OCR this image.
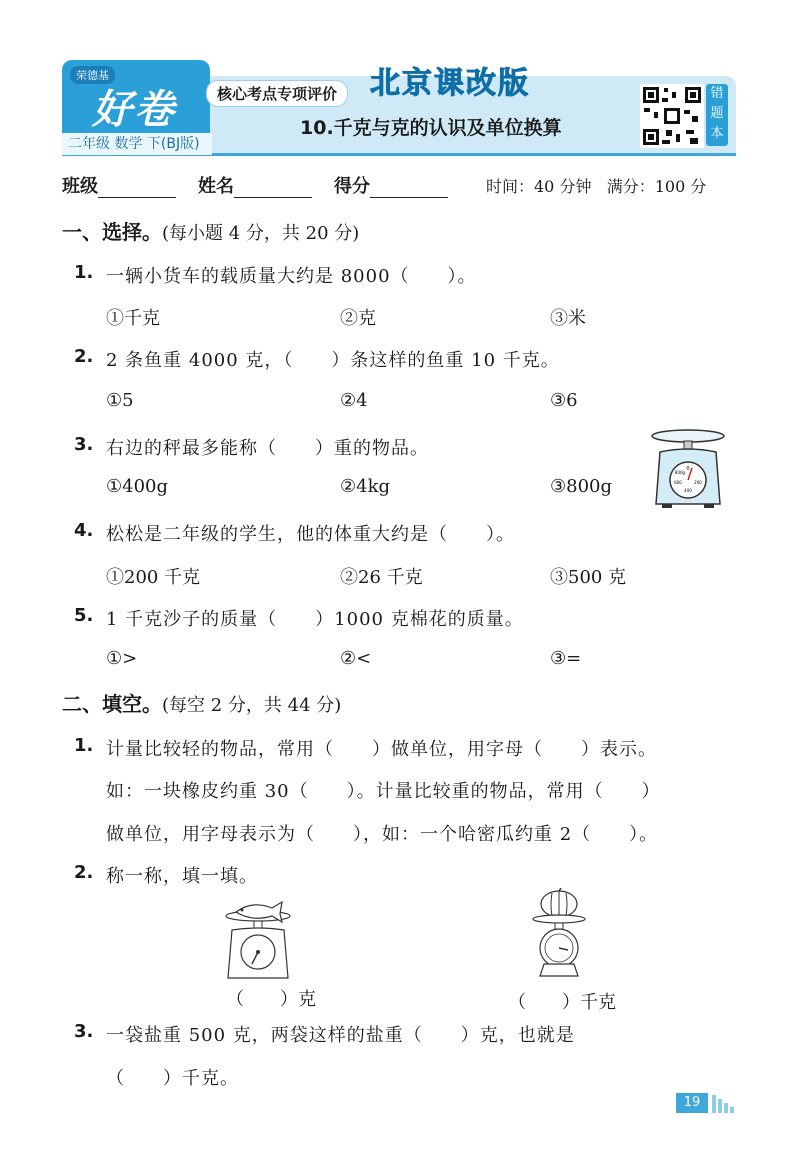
荣德基
好卷
二年级 数学 下(BJ版)
核心考点专项评价	北京课改版
10.千克与克的认识及单位换算
错
题
本
班级	姓名	得分	时间：40 分钟 满分：100 分
一、选择。(每小题 4 分，共 20 分)
1. 一辆小货车的载质量大约是 8000（　　）。
①千克	②克	③米
2. 2 条鱼重 4000 克，（　　）条这样的鱼重 10 千克。
①5	②4	③6
3. 右边的秤最多能称（　　）重的物品。
①400g	②4kg	③800g
0
800g
600	200
400
4. 松松是二年级的学生，他的体重大约是（　　）。
①200 千克	②26 千克	③500 克
5. 1 千克沙子的质量（　　）1000 克棉花的质量。
①>	②<	③=
二、填空。(每空 2 分，共 44 分)
1. 计量比较轻的物品，常用（　　）做单位，用字母（　　）表示。
如：一块橡皮约重 30（　　）。计量比较重的物品，常用（　　）
做单位，用字母表示为（　　），如：一个哈密瓜约重 2（　　）。
2. 称一称，填一填。
（　　）克	（　　）千克
3. 一袋盐重 500 克，两袋这样的盐重（　　）克，也就是
（　　）千克。
19
